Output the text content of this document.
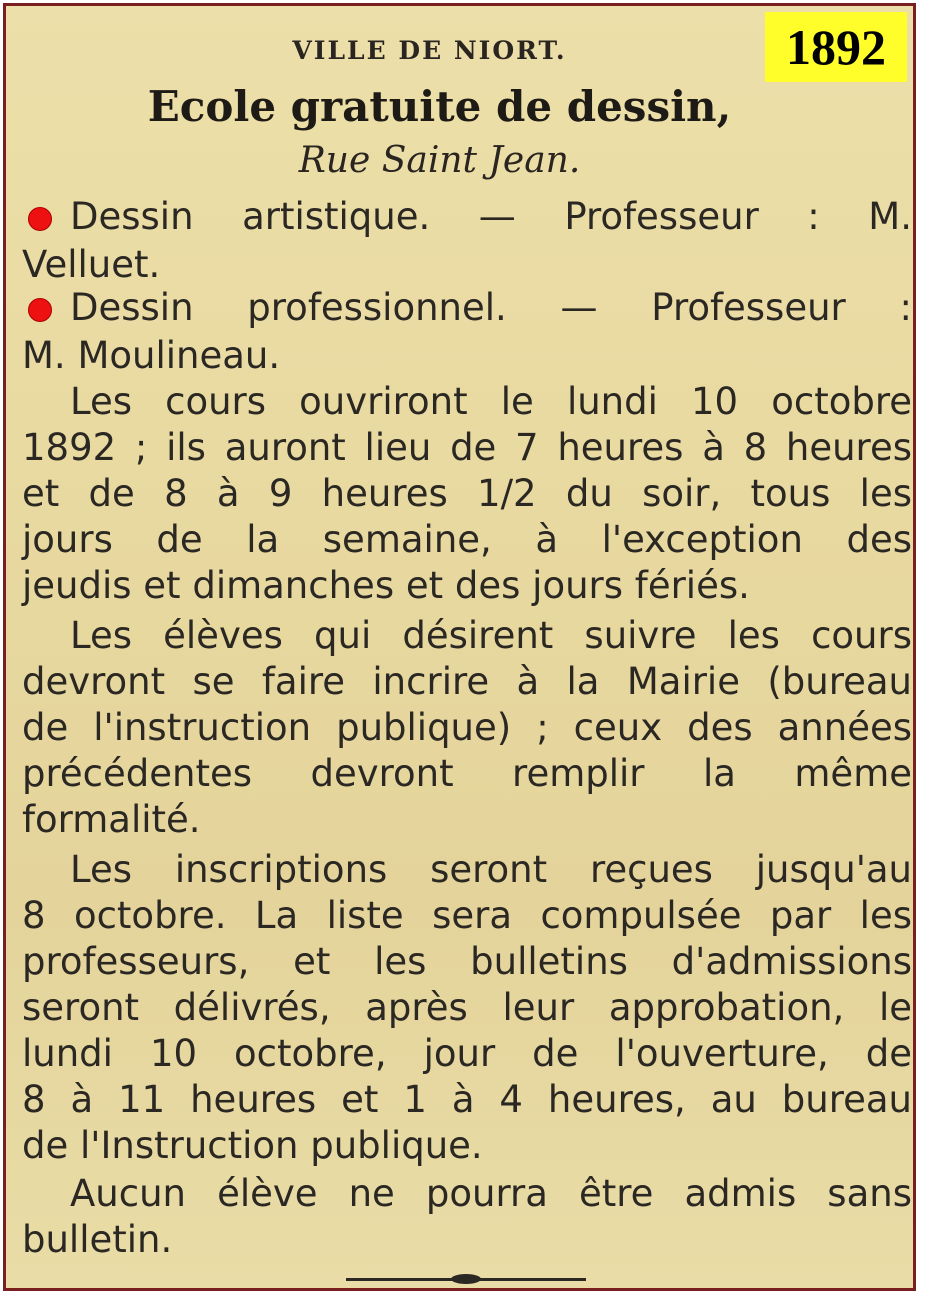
1892
VILLE DE NIORT.
Ecole gratuite de dessin,
Rue Saint Jean.
Dessin artistique. — Professeur : M.
Velluet.
Dessin professionnel. — Professeur :
M. Moulineau.
Les cours ouvriront le lundi 10 octobre
1892 ; ils auront lieu de 7 heures à 8 heures
et de 8 à 9 heures 1/2 du soir, tous les
jours de la semaine, à l'exception des
jeudis et dimanches et des jours fériés.
Les élèves qui désirent suivre les cours
devront se faire incrire à la Mairie (bureau
de l'instruction publique) ; ceux des années
précédentes devront remplir la même
formalité.
Les inscriptions seront reçues jusqu'au
8 octobre. La liste sera compulsée par les
professeurs, et les bulletins d'admissions
seront délivrés, après leur approbation, le
lundi 10 octobre, jour de l'ouverture, de
8 à 11 heures et 1 à 4 heures, au bureau
de l'Instruction publique.
Aucun élève ne pourra être admis sans
bulletin.
